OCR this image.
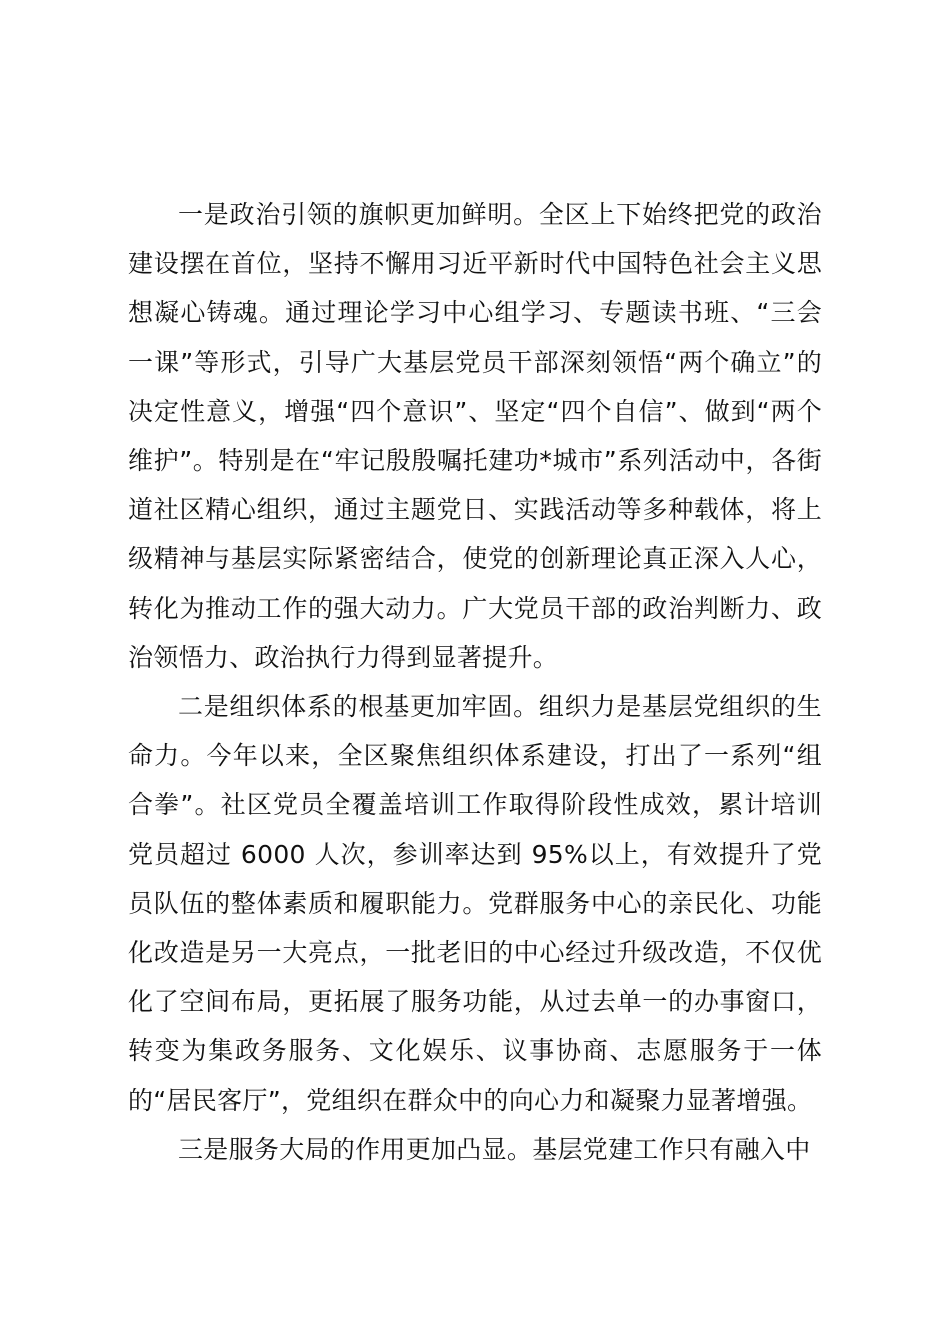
一是政治引领的旗帜更加鲜明。全区上下始终把党的政治建设摆在首位，坚持不懈用习近平新时代中国特色社会主义思想凝心铸魂。通过理论学习中心组学习、专题读书班、“三会一课”等形式，引导广大基层党员干部深刻领悟“两个确立”的决定性意义，增强“四个意识”、坚定“四个自信”、做到“两个维护”。特别是在“牢记殷殷嘱托建功*城市”系列活动中，各街道社区精心组织，通过主题党日、实践活动等多种载体，将上级精神与基层实际紧密结合，使党的创新理论真正深入人心，转化为推动工作的强大动力。广大党员干部的政治判断力、政治领悟力、政治执行力得到显著提升。

二是组织体系的根基更加牢固。组织力是基层党组织的生命力。今年以来，全区聚焦组织体系建设，打出了一系列“组合拳”。社区党员全覆盖培训工作取得阶段性成效，累计培训党员超过 6000 人次，参训率达到 95%以上，有效提升了党员队伍的整体素质和履职能力。党群服务中心的亲民化、功能化改造是另一大亮点，一批老旧的中心经过升级改造，不仅优化了空间布局，更拓展了服务功能，从过去单一的办事窗口，转变为集政务服务、文化娱乐、议事协商、志愿服务于一体的“居民客厅”，党组织在群众中的向心力和凝聚力显著增强。

三是服务大局的作用更加凸显。基层党建工作只有融入中
